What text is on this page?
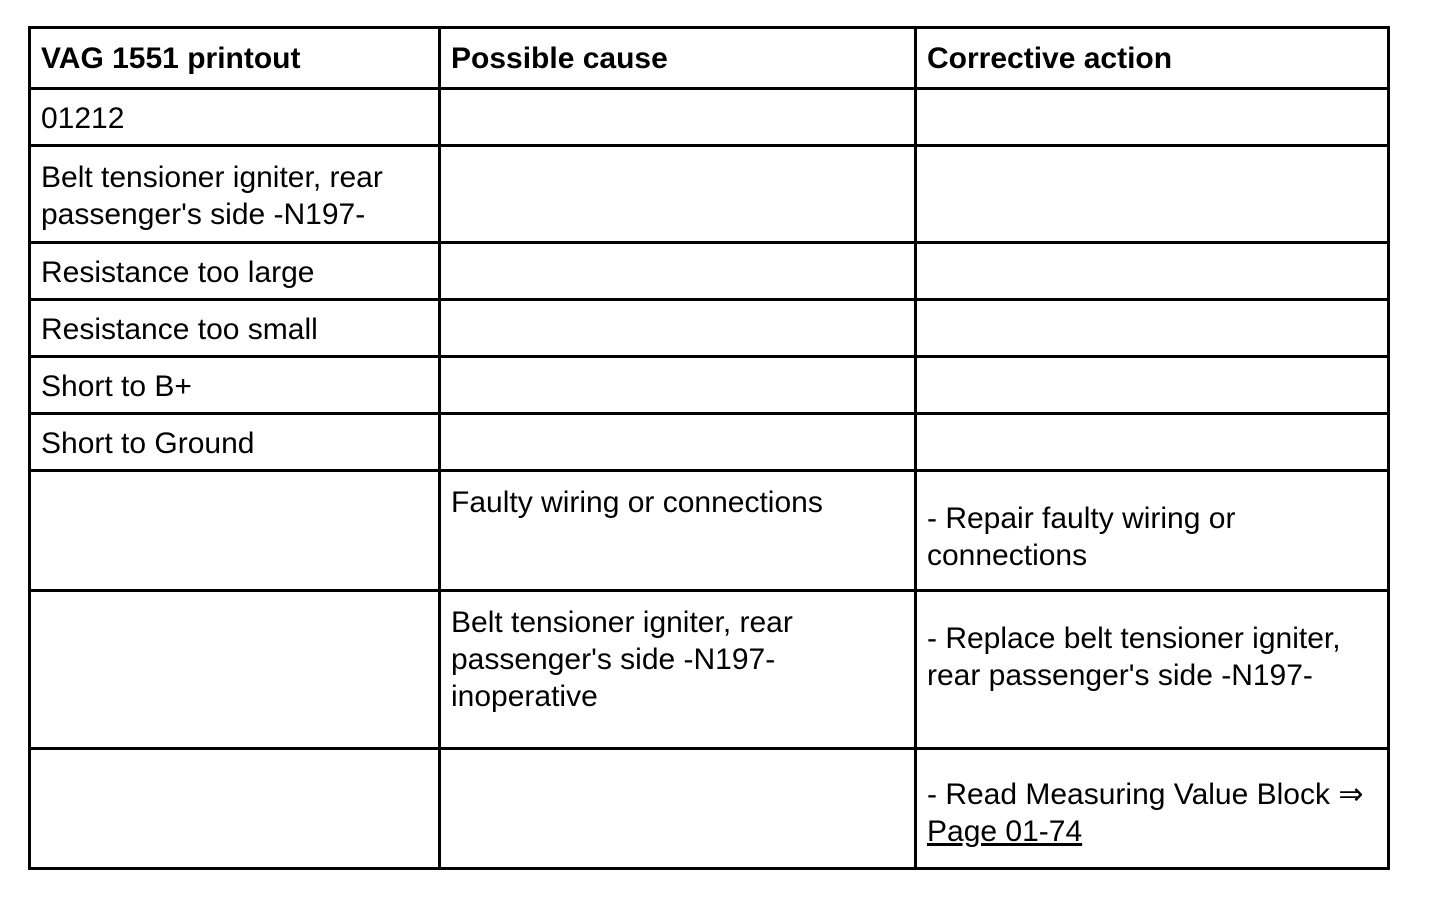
VAG 1551 printout	Possible cause	Corrective action
01212		
Belt tensioner igniter, rear passenger's side -N197-		
Resistance too large		
Resistance too small		
Short to B+		
Short to Ground		
	Faulty wiring or connections	- Repair faulty wiring or connections
	Belt tensioner igniter, rear passenger's side -N197- inoperative	- Replace belt tensioner igniter, rear passenger's side -N197-
		- Read Measuring Value Block ⇒ Page 01-74
